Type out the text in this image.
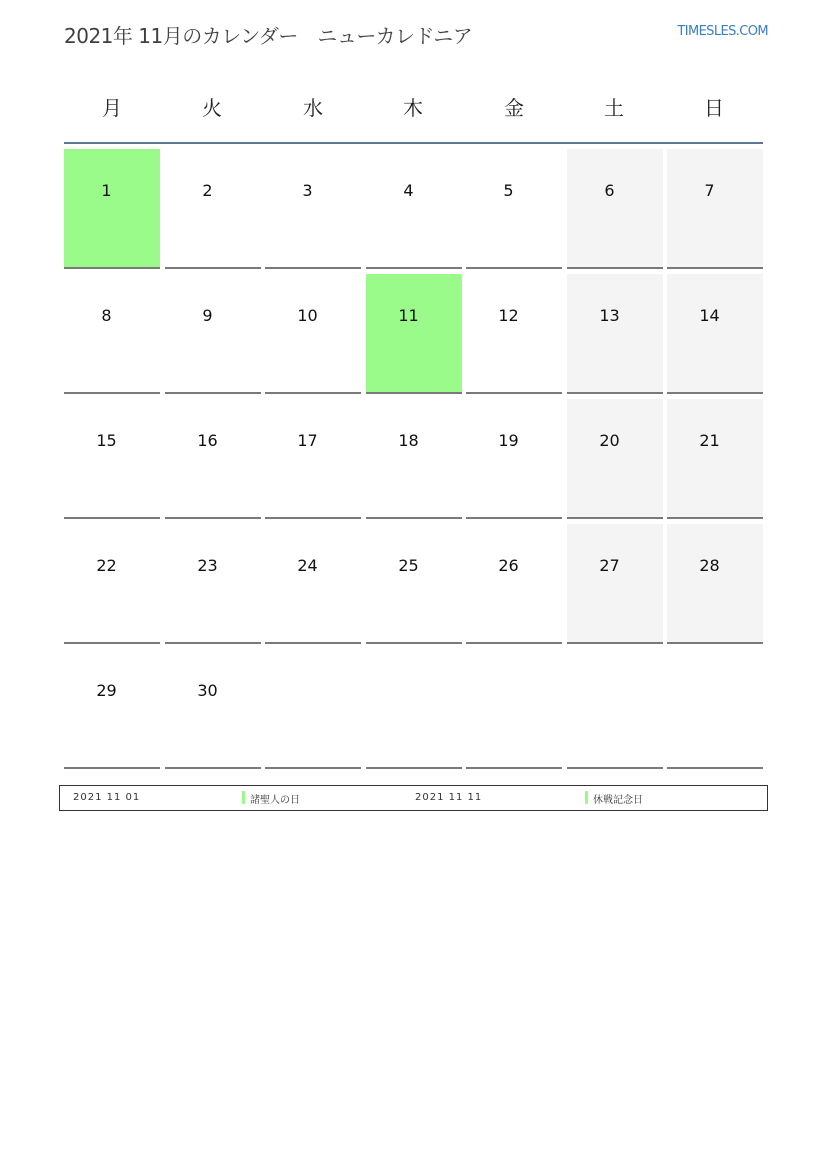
2021年 11月のカレンダー　ニューカレドニア	TIMESLES.COM
月	火	水	木	金	土	日
1	2	3	4	5	6	7
8	9	10	11	12	13	14
15	16	17	18	19	20	21
22	23	24	25	26	27	28
29	30
2021 11 01	諸聖人の日	2021 11 11	休戦記念日
